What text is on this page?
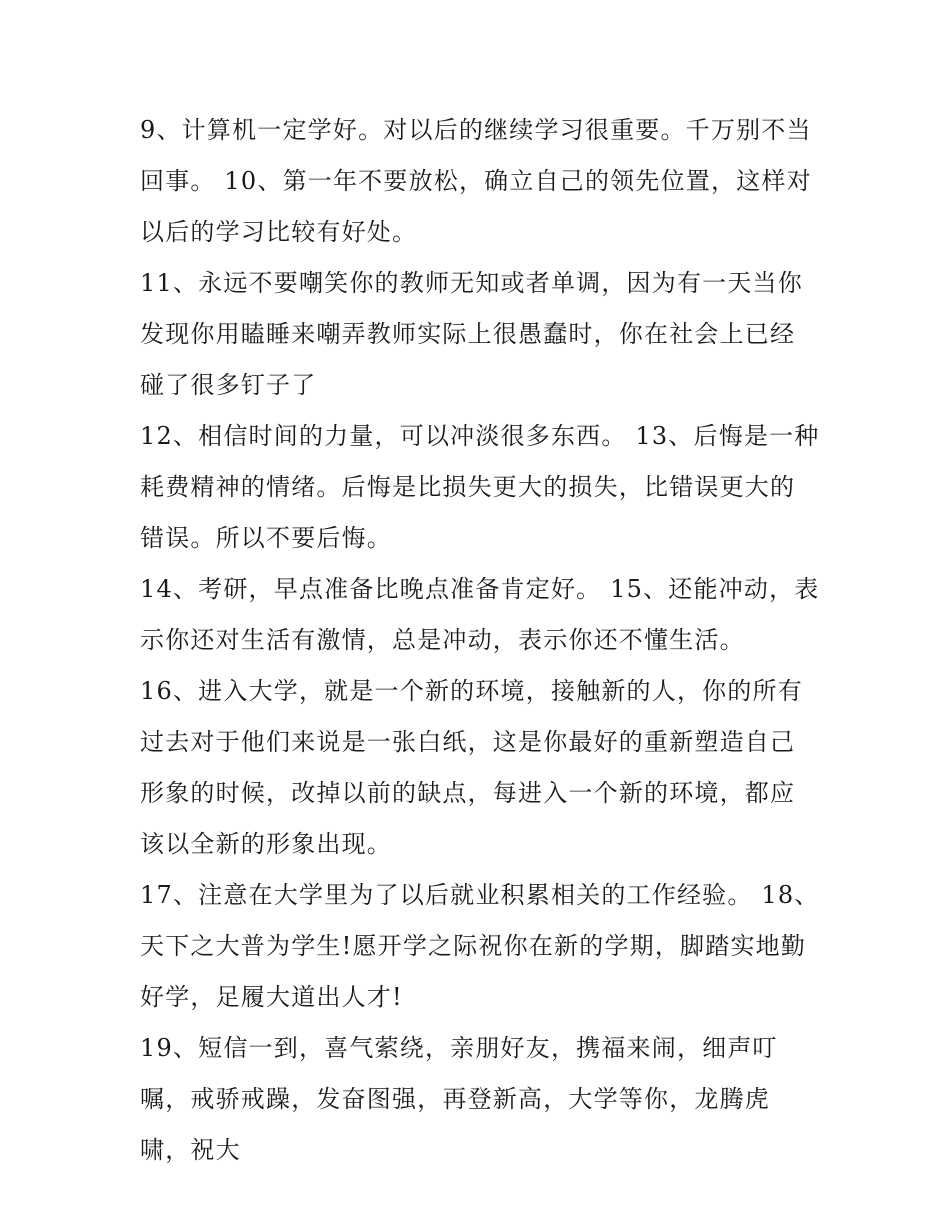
9、计算机一定学好。对以后的继续学习很重要。千万别不当回事。 10、第一年不要放松，确立自己的领先位置，这样对以后的学习比较有好处。

11、永远不要嘲笑你的教师无知或者单调，因为有一天当你发现你用瞌睡来嘲弄教师实际上很愚蠢时，你在社会上已经碰了很多钉子了

12、相信时间的力量，可以冲淡很多东西。 13、后悔是一种耗费精神的情绪。后悔是比损失更大的损失，比错误更大的错误。所以不要后悔。

14、考研，早点准备比晚点准备肯定好。 15、还能冲动，表示你还对生活有激情，总是冲动，表示你还不懂生活。

16、进入大学，就是一个新的环境，接触新的人，你的所有过去对于他们来说是一张白纸，这是你最好的重新塑造自己形象的时候，改掉以前的缺点，每进入一个新的环境，都应该以全新的形象出现。

17、注意在大学里为了以后就业积累相关的工作经验。 18、天下之大普为学生!愿开学之际祝你在新的学期，脚踏实地勤好学，足履大道出人才!

19、短信一到，喜气萦绕，亲朋好友，携福来闹，细声叮嘱，戒骄戒躁，发奋图强，再登新高，大学等你，龙腾虎啸，祝大
